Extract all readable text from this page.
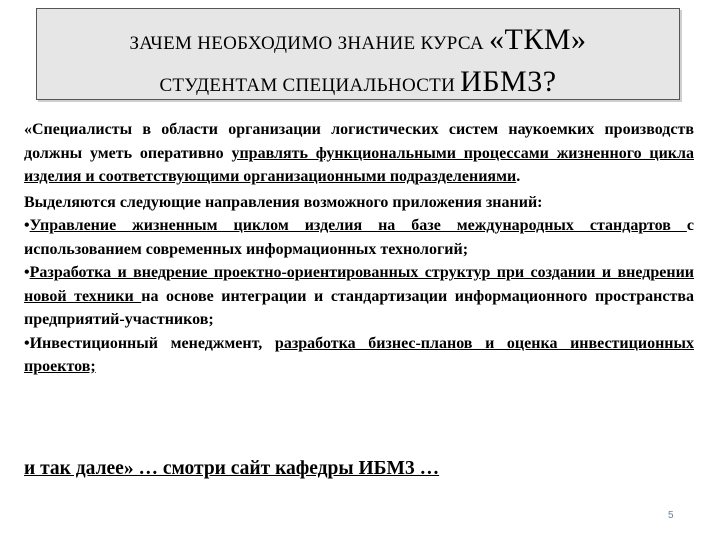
ЗАЧЕМ НЕОБХОДИМО ЗНАНИЕ КУРСА «ТКМ»
СТУДЕНТАМ СПЕЦИАЛЬНОСТИ ИБМ3?

«Специалисты в области организации логистических систем наукоемких производств должны уметь оперативно управлять функциональными процессами жизненного цикла изделия и соответствующими организационными подразделениями.

Выделяются следующие направления возможного приложения знаний:

•Управление жизненным циклом изделия на базе международных стандартов с использованием современных информационных технологий;

•Разработка и внедрение проектно-ориентированных структур при создании и внедрении новой техники на основе интеграции и стандартизации информационного пространства предприятий-участников;

•Инвестиционный менеджмент, разработка бизнес-планов и оценка инвестиционных проектов;

и так далее» … смотри сайт кафедры ИБМ3 …
5
